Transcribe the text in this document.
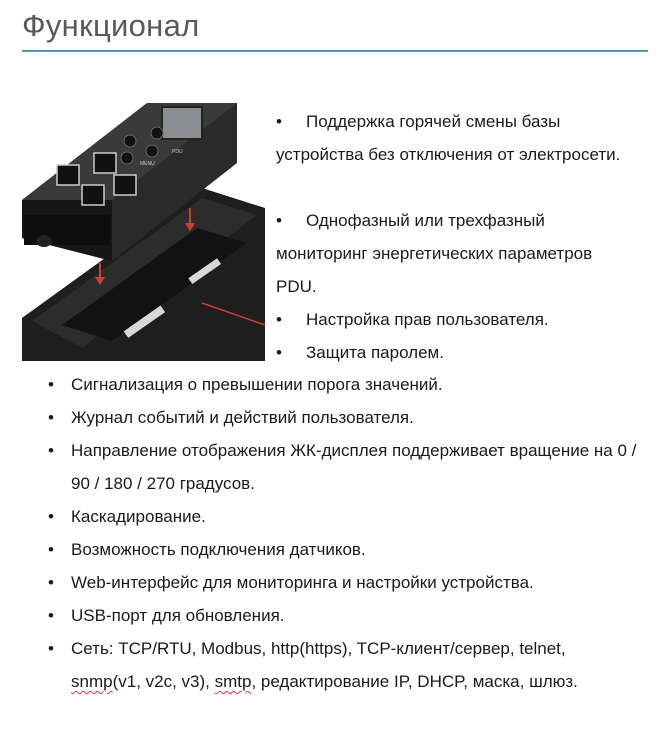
Функционал
PDU
MENU
•	Поддержка горячей смены базы устройства без отключения от электросети.
•	Однофазный или трехфазный мониторинг энергетических параметров PDU.
•	Настройка прав пользователя.
•	Защита паролем.
•	Сигнализация о превышении порога значений.
•	Журнал событий и действий пользователя.
•	Направление отображения ЖК-дисплея поддерживает вращение на 0 / 90 / 180 / 270 градусов.
•	Каскадирование.
•	Возможность подключения датчиков.
•	Web-интерфейс для мониторинга и настройки устройства.
•	USB-порт для обновления.
•	Сеть: TCP/RTU, Modbus, http(https), TCP-клиент/сервер, telnet,
snmp(v1, v2c, v3), smtp, редактирование IP, DHCP, маска, шлюз.
